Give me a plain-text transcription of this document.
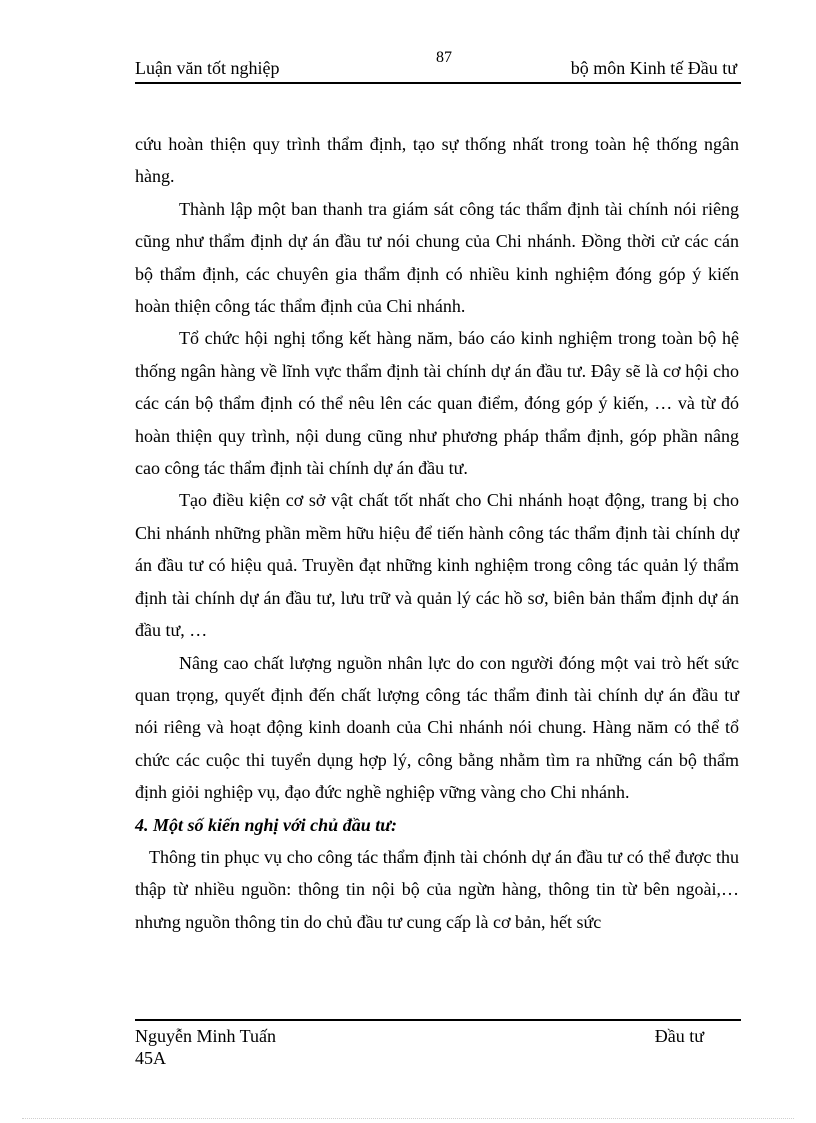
Luận văn tốt nghiệp
87
bộ môn Kinh tế Đầu tư

cứu hoàn thiện quy trình thẩm định, tạo sự thống nhất trong toàn hệ thống ngân hàng.

Thành lập một ban thanh tra giám sát công tác thẩm định tài chính nói riêng cũng như thẩm định dự án đầu tư nói chung của Chi nhánh. Đồng thời cử các cán bộ thẩm định, các chuyên gia thẩm định có nhiều kinh nghiệm đóng góp ý kiến hoàn thiện công tác thẩm định của Chi nhánh.

Tổ chức hội nghị tổng kết hàng năm, báo cáo kinh nghiệm trong toàn bộ hệ thống ngân hàng về lĩnh vực thẩm định tài chính dự án đầu tư. Đây sẽ là cơ hội cho các cán bộ thẩm định có thể nêu lên các quan điểm, đóng góp ý kiến, … và từ đó hoàn thiện quy trình, nội dung cũng như phương pháp thẩm định, góp phần nâng cao công tác thẩm định tài chính dự án đầu tư.

Tạo điều kiện cơ sở vật chất tốt nhất cho Chi nhánh hoạt động, trang bị cho Chi nhánh những phần mềm hữu hiệu để tiến hành công tác thẩm định tài chính dự án đầu tư có hiệu quả. Truyền đạt những kinh nghiệm trong công tác quản lý thẩm định tài chính dự án đầu tư, lưu trữ và quản lý các hồ sơ, biên bản thẩm định dự án đầu tư, …

Nâng cao chất lượng nguồn nhân lực do con người đóng một vai trò hết sức quan trọng, quyết định đến chất lượng công tác thẩm đinh tài chính dự án đầu tư nói riêng và hoạt động kinh doanh của Chi nhánh nói chung. Hàng năm có thể tổ chức các cuộc thi tuyển dụng hợp lý, công bằng nhằm tìm ra những cán bộ thẩm định giỏi nghiệp vụ, đạo đức nghề nghiệp vững vàng cho Chi nhánh.

4. Một số kiến nghị với chủ đầu tư:

Thông tin phục vụ cho công tác thẩm định tài chónh dự án đầu tư có thể được thu thập từ nhiều nguồn: thông tin nội bộ của ngừn hàng, thông tin từ bên ngoài,… nhưng nguồn thông tin do chủ đầu tư cung cấp là cơ bản, hết sức

Nguyễn Minh Tuấn
45A
Đầu tư
